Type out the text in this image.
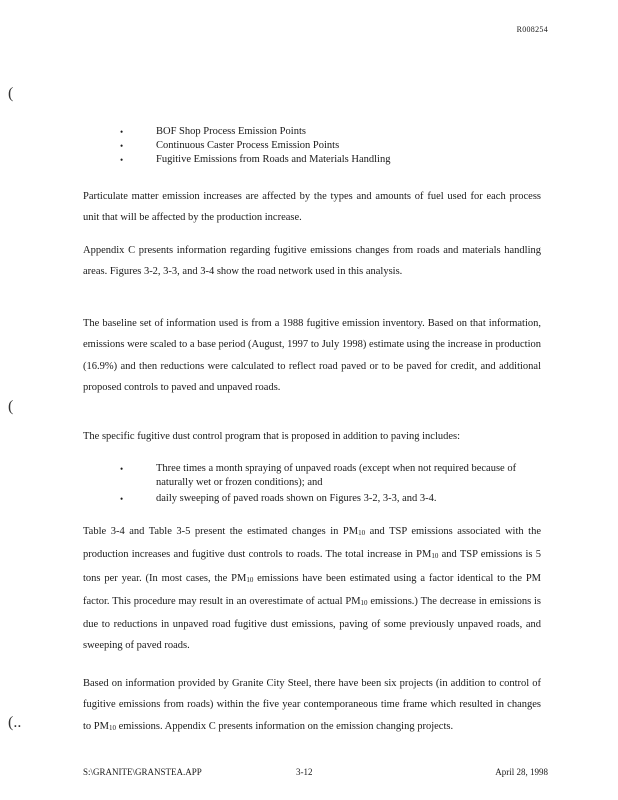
R008254
(
(
(..
•	BOF Shop Process Emission Points
•	Continuous Caster Process Emission Points
•	Fugitive Emissions from Roads and Materials Handling

Particulate matter emission increases are affected by the types and amounts of fuel used for each process unit that will be affected by the production increase.

Appendix C presents information regarding fugitive emissions changes from roads and materials handling areas. Figures 3-2, 3-3, and 3-4 show the road network used in this analysis.

The baseline set of information used is from a 1988 fugitive emission inventory. Based on that information, emissions were scaled to a base period (August, 1997 to July 1998) estimate using the increase in production (16.9%) and then reductions were calculated to reflect road paved or to be paved for credit, and additional proposed controls to paved and unpaved roads.

The specific fugitive dust control program that is proposed in addition to paving includes:

•	Three times a month spraying of unpaved roads (except when not required because of naturally wet or frozen conditions); and
•	daily sweeping of paved roads shown on Figures 3-2, 3-3, and 3-4.

Table 3-4 and Table 3-5 present the estimated changes in $PM_{10}$ and TSP emissions associated with the production increases and fugitive dust controls to roads. The total increase in $PM_{10}$ and TSP emissions is 5 tons per year. (In most cases, the $PM_{10}$ emissions have been estimated using a factor identical to the PM factor. This procedure may result in an overestimate of actual $PM_{10}$ emissions.) The decrease in emissions is due to reductions in unpaved road fugitive dust emissions, paving of some previously unpaved roads, and sweeping of paved roads.

Based on information provided by Granite City Steel, there have been six projects (in addition to control of fugitive emissions from roads) within the five year contemporaneous time frame which resulted in changes to $PM_{10}$ emissions. Appendix C presents information on the emission changing projects.

S:\GRANITE\GRANSTEA.APP	3-12	April 28, 1998
